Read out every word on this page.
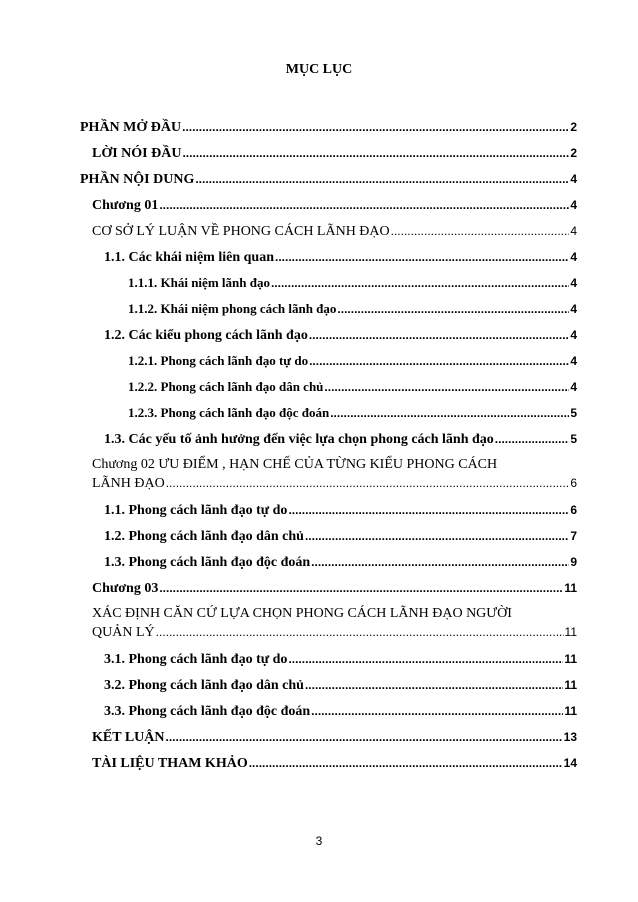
MỤC LỤC
PHẦN MỞ ĐẦU .....	2
LỜI NÓI ĐẦU .....	2
PHẦN NỘI DUNG .....	4
Chương 01 .....	4
CƠ SỞ LÝ LUẬN VỀ PHONG CÁCH LÃNH ĐẠO .....	4
1.1. Các khái niệm liên quan .....	4
1.1.1. Khái niệm lãnh đạo .....	4
1.1.2. Khái niệm phong cách lãnh đạo .....	4
1.2. Các kiểu phong cách lãnh đạo .....	4
1.2.1. Phong cách lãnh đạo tự do .....	4
1.2.2. Phong cách lãnh đạo dân chủ .....	4
1.2.3. Phong cách lãnh đạo độc đoán .....	5
1.3. Các yếu tố ảnh hưởng đến việc lựa chọn phong cách lãnh đạo .....	5
Chương 02 ƯU ĐIỂM , HẠN CHẾ CỦA TỪNG KIỂU PHONG CÁCH
LÃNH ĐẠO .....	6
1.1. Phong cách lãnh đạo tự do .....	6
1.2. Phong cách lãnh đạo dân chủ .....	7
1.3. Phong cách lãnh đạo độc đoán .....	9
Chương 03 .....	11
XÁC ĐỊNH CĂN CỨ LỰA CHỌN PHONG CÁCH LÃNH ĐẠO NGƯỜI
QUẢN LÝ .....	11
3.1. Phong cách lãnh đạo tự do .....	11
3.2. Phong cách lãnh đạo dân chủ .....	11
3.3. Phong cách lãnh đạo độc đoán .....	11
KẾT LUẬN .....	13
TÀI LIỆU THAM KHẢO .....	14
3
